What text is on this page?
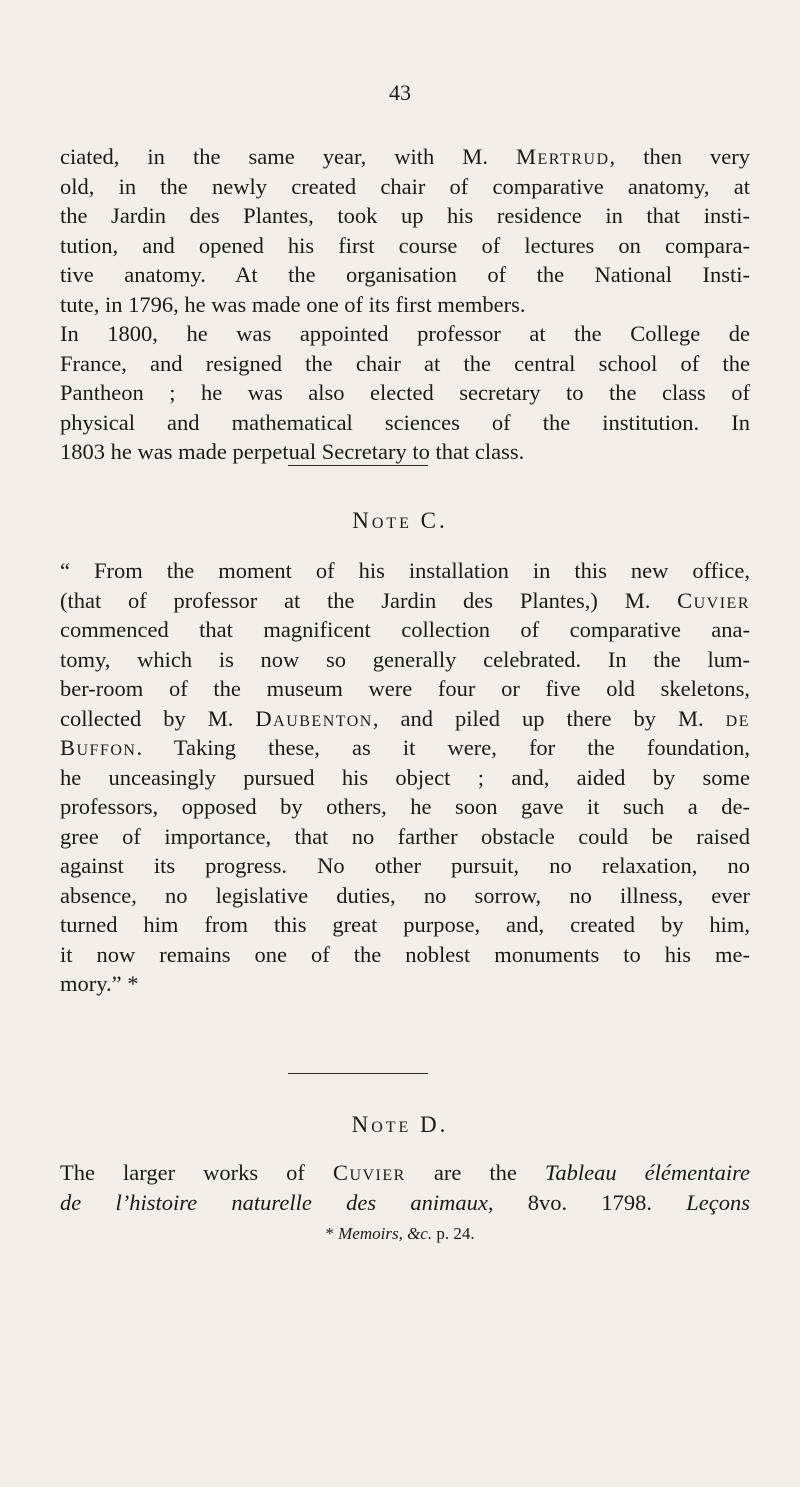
43
ciated, in the same year, with M. Mertrud, then very
old, in the newly created chair of comparative anatomy, at
the Jardin des Plantes, took up his residence in that insti-
tution, and opened his first course of lectures on compara-
tive anatomy. At the organisation of the National Insti-
tute, in 1796, he was made one of its first members.
In 1800, he was appointed professor at the College de
France, and resigned the chair at the central school of the
Pantheon ; he was also elected secretary to the class of
physical and mathematical sciences of the institution. In
1803 he was made perpetual Secretary to that class.
Note C.
“ From the moment of his installation in this new office,
(that of professor at the Jardin des Plantes,) M. Cuvier
commenced that magnificent collection of comparative ana-
tomy, which is now so generally celebrated. In the lum-
ber-room of the museum were four or five old skeletons,
collected by M. Daubenton, and piled up there by M. de
Buffon. Taking these, as it were, for the foundation,
he unceasingly pursued his object ; and, aided by some
professors, opposed by others, he soon gave it such a de-
gree of importance, that no farther obstacle could be raised
against its progress. No other pursuit, no relaxation, no
absence, no legislative duties, no sorrow, no illness, ever
turned him from this great purpose, and, created by him,
it now remains one of the noblest monuments to his me-
mory.” *
Note D.
The larger works of Cuvier are the Tableau élémentaire
de l’histoire naturelle des animaux, 8vo. 1798. Leçons
* Memoirs, &c. p. 24.
